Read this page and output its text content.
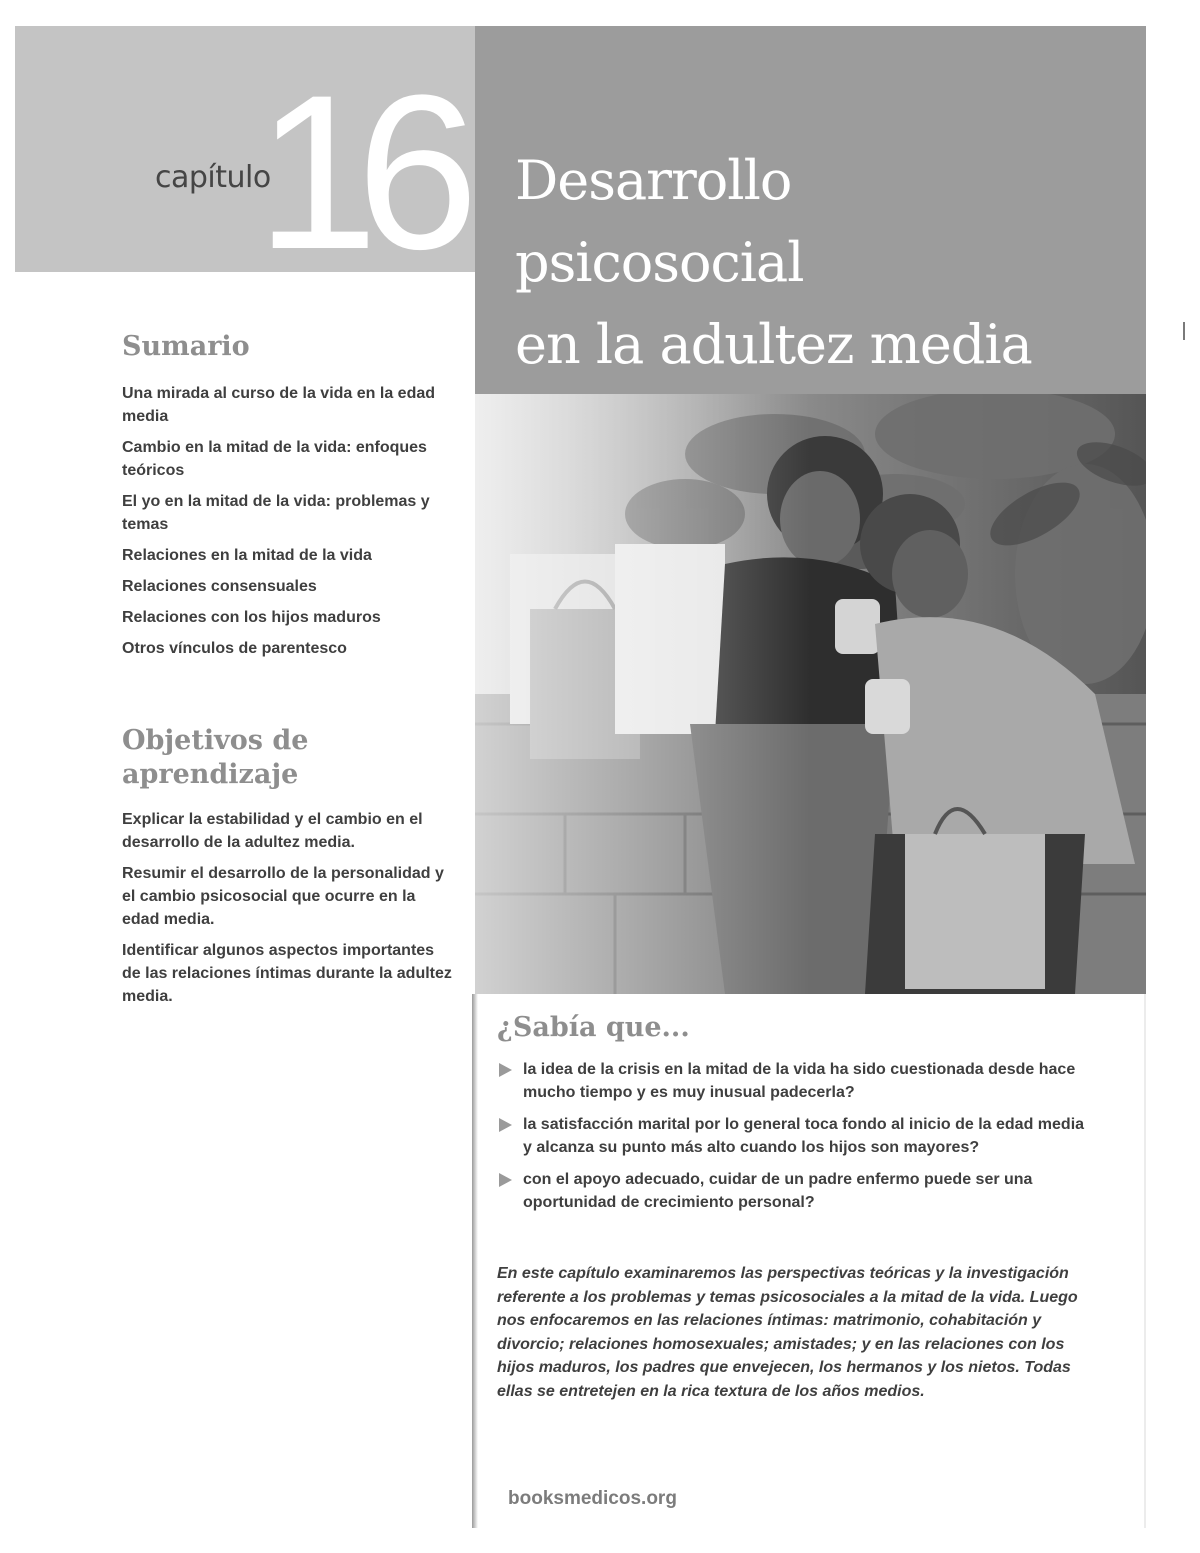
capítulo
16 Desarrollo
psicosocial
en la adultez media
Sumario

Una mirada al curso de la vida en la edad media

Cambio en la mitad de la vida: enfoques teóricos

El yo en la mitad de la vida: problemas y temas

Relaciones en la mitad de la vida

Relaciones consensuales

Relaciones con los hijos maduros

Otros vínculos de parentesco

Objetivos de aprendizaje

Explicar la estabilidad y el cambio en el desarrollo de la adultez media.

Resumir el desarrollo de la personalidad y el cambio psicosocial que ocurre en la edad media.

Identificar algunos aspectos importantes de las relaciones íntimas durante la adultez media.

¿Sabía que...
la idea de la crisis en la mitad de la vida ha sido cuestionada desde hace mucho tiempo y es muy inusual padecerla?
la satisfacción marital por lo general toca fondo al inicio de la edad media y alcanza su punto más alto cuando los hijos son mayores?
con el apoyo adecuado, cuidar de un padre enfermo puede ser una oportunidad de crecimiento personal?
En este capítulo examinaremos las perspectivas teóricas y la investigación referente a los problemas y temas psicosociales a la mitad de la vida. Luego nos enfocaremos en las relaciones íntimas: matrimonio, cohabitación y divorcio; relaciones homosexuales; amistades; y en las relaciones con los hijos maduros, los padres que envejecen, los hermanos y los nietos. Todas ellas se entretejen en la rica textura de los años medios.
booksmedicos.org
